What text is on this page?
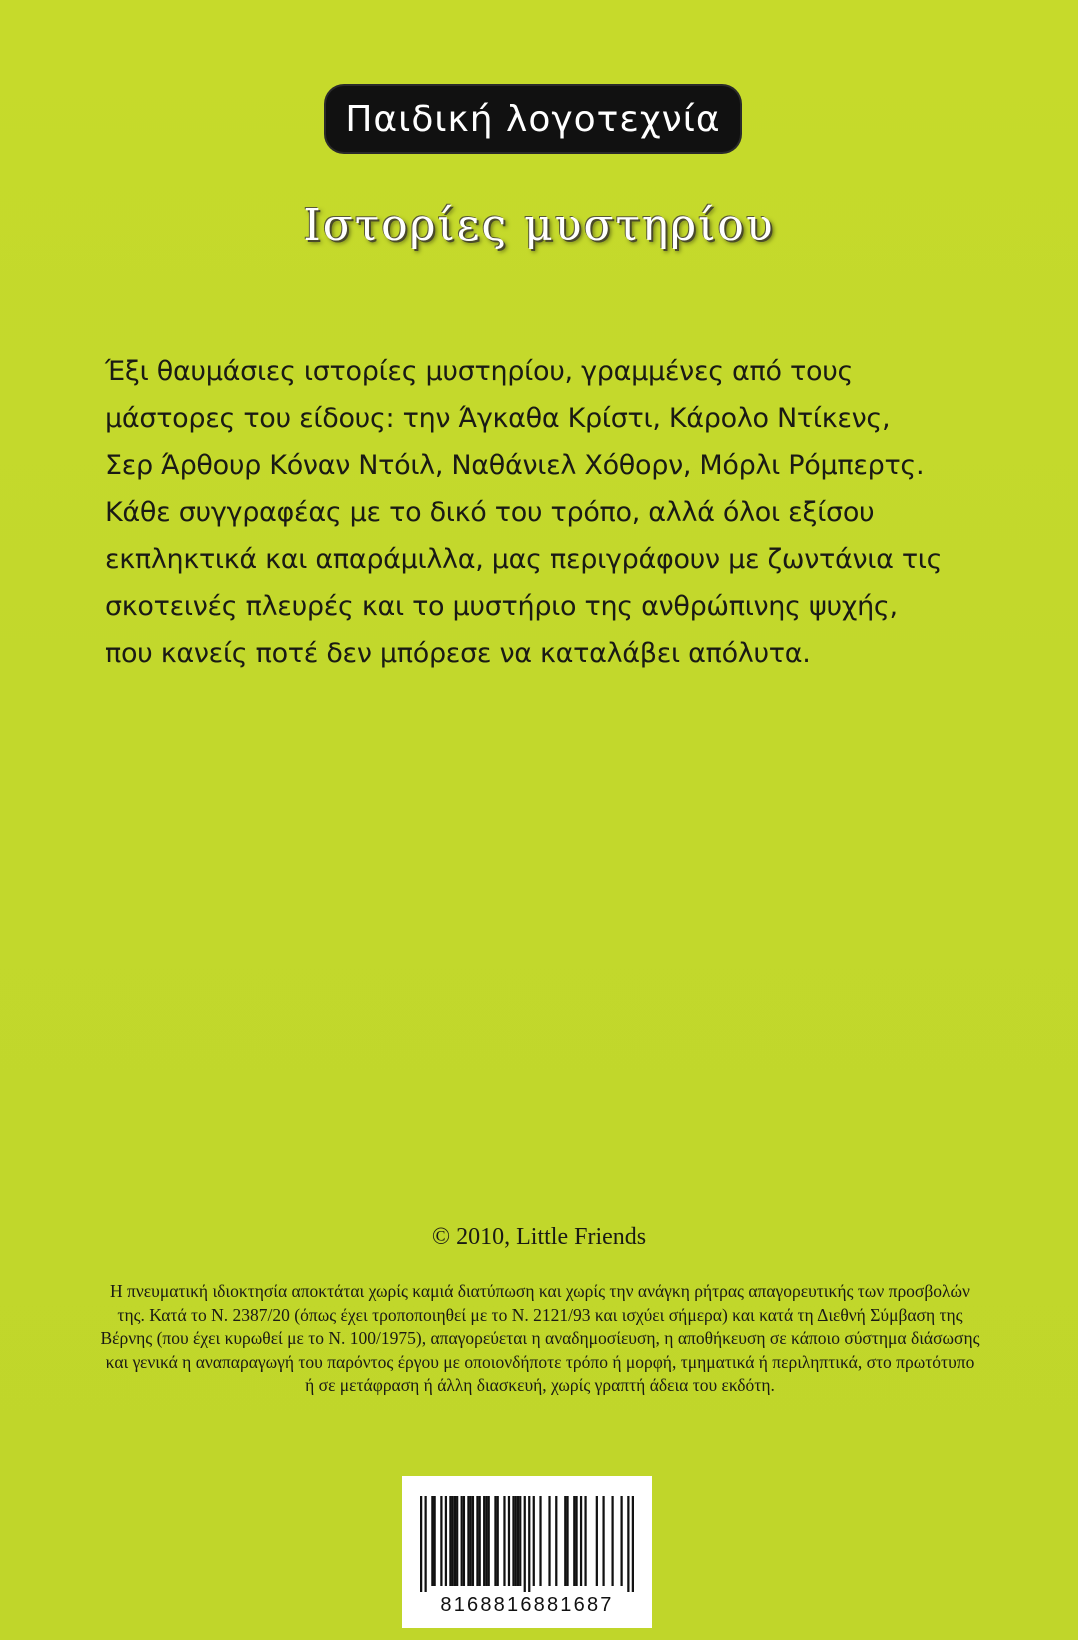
Παιδική λογοτεχνία
Ιστορίες μυστηρίου
Έξι θαυμάσιες ιστορίες μυστηρίου, γραμμένες από τους μάστορες του είδους: την Άγκαθα Κρίστι, Κάρολο Ντίκενς, Σερ Άρθουρ Κόναν Ντόιλ, Ναθάνιελ Χόθορν, Μόρλι Ρόμπερτς. Κάθε συγγραφέας με το δικό του τρόπο, αλλά όλοι εξίσου εκπληκτικά και απαράμιλλα, μας περιγράφουν με ζωντάνια τις σκοτεινές πλευρές και το μυστήριο της ανθρώπινης ψυχής, που κανείς ποτέ δεν μπόρεσε να καταλάβει απόλυτα.
© 2010, Little Friends
Η πνευματική ιδιοκτησία αποκτάται χωρίς καμιά διατύπωση και χωρίς την ανάγκη ρήτρας απαγορευτικής των προσβολών της. Κατά το Ν. 2387/20 (όπως έχει τροποποιηθεί με το Ν. 2121/93 και ισχύει σήμερα) και κατά τη Διεθνή Σύμβαση της Βέρνης (που έχει κυρωθεί με το Ν. 100/1975), απαγορεύεται η αναδημοσίευση, η αποθήκευση σε κάποιο σύστημα διάσωσης και γενικά η αναπαραγωγή του παρόντος έργου με οποιονδήποτε τρόπο ή μορφή, τμηματικά ή περιληπτικά, στο πρωτότυπο ή σε μετάφραση ή άλλη διασκευή, χωρίς γραπτή άδεια του εκδότη.
8168816881687
